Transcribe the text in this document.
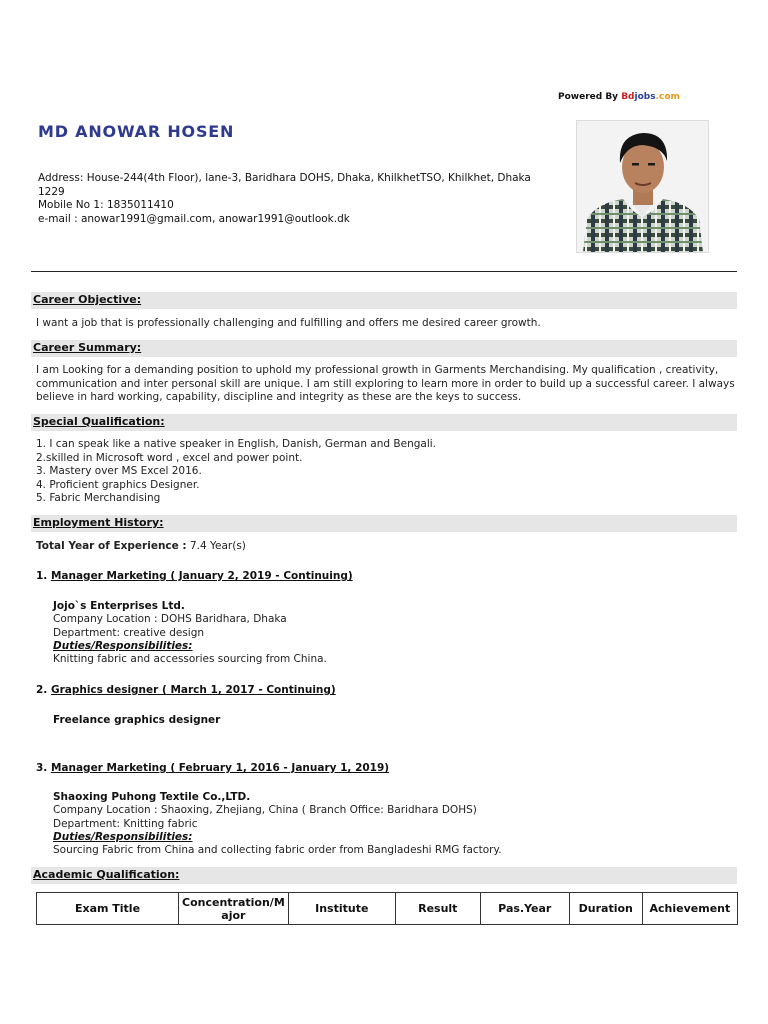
Powered By Bdjobs.com
MD ANOWAR HOSEN
Address: House-244(4th Floor), lane-3, Baridhara DOHS, Dhaka, KhilkhetTSO, Khilkhet, Dhaka 1229
Mobile No 1: 1835011410
e-mail : anowar1991@gmail.com, anowar1991@outlook.dk
Career Objective:
I want a job that is professionally challenging and fulfilling and offers me desired career growth.
Career Summary:
I am Looking for a demanding position to uphold my professional growth in Garments Merchandising. My qualification , creativity, communication and inter personal skill are unique. I am still exploring to learn more in order to build up a successful career. I always believe in hard working, capability, discipline and integrity as these are the keys to success.
Special Qualification:
1. I can speak like a native speaker in English, Danish, German and Bengali.
2.skilled in Microsoft word , excel and power point.
3. Mastery over MS Excel 2016.
4. Proficient graphics Designer.
5. Fabric Merchandising
Employment History:
Total Year of Experience : 7.4 Year(s)
1. Manager Marketing ( January 2, 2019 - Continuing)
Jojo`s Enterprises Ltd.
Company Location : DOHS Baridhara, Dhaka
Department: creative design
Duties/Responsibilities:
Knitting fabric and accessories sourcing from China.
2. Graphics designer ( March 1, 2017 - Continuing)
Freelance graphics designer
3. Manager Marketing ( February 1, 2016 - January 1, 2019)
Shaoxing Puhong Textile Co.,LTD.
Company Location : Shaoxing, Zhejiang, China ( Branch Office: Baridhara DOHS)
Department: Knitting fabric
Duties/Responsibilities:
Sourcing Fabric from China and collecting fabric order from Bangladeshi RMG factory.
Academic Qualification:
Exam Title	Concentration/M ajor	Institute	Result	Pas.Year	Duration	Achievement
